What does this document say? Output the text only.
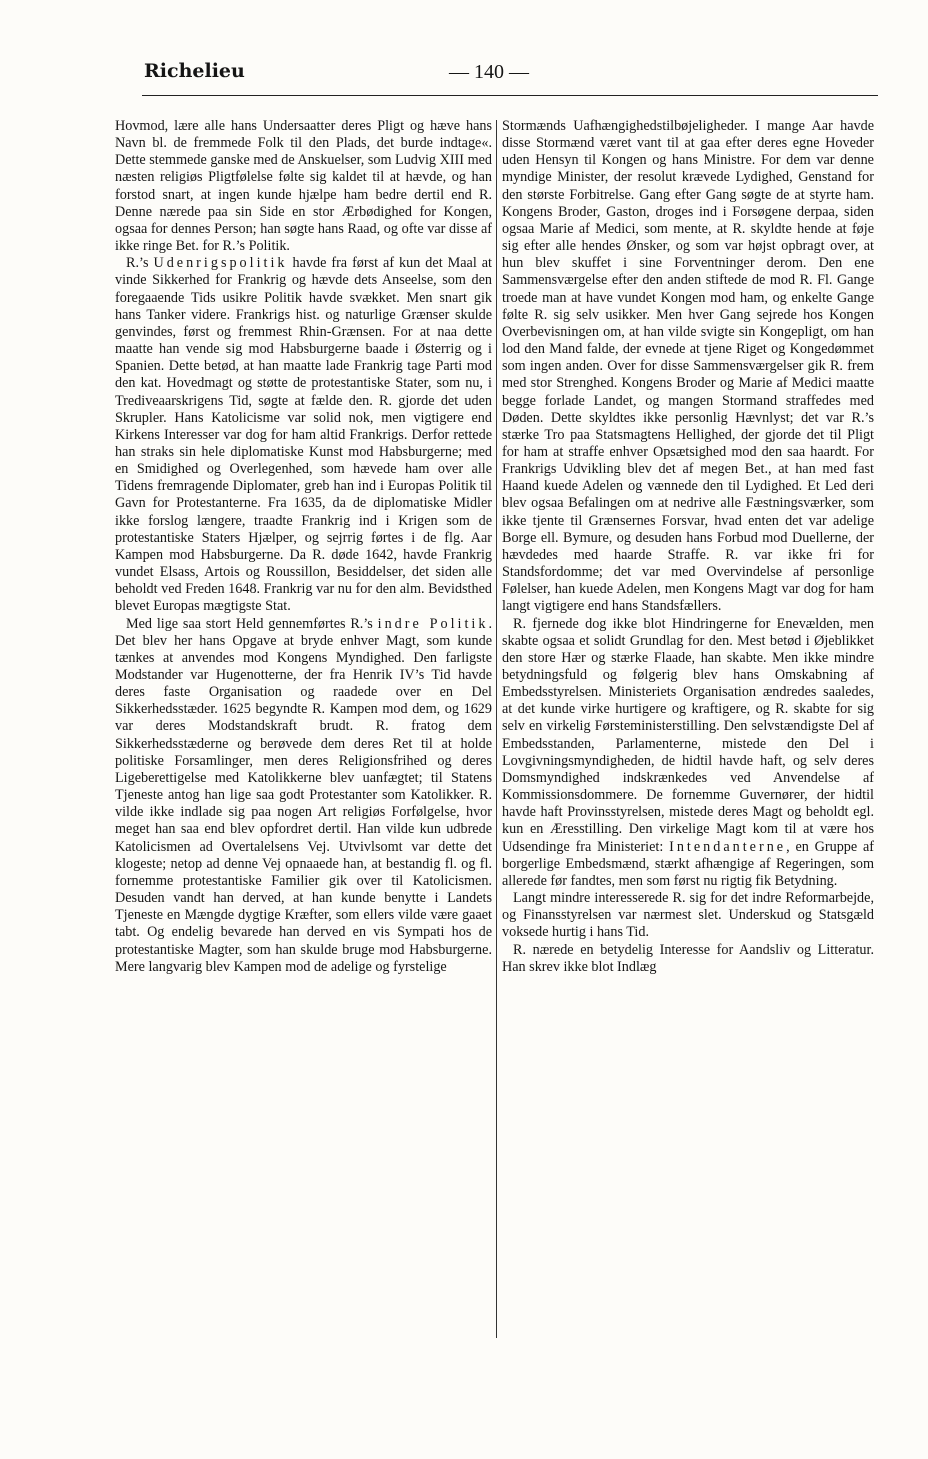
Richelieu	— 140 —

Hovmod, lære alle hans Undersaatter deres Pligt og hæve hans Navn bl. de fremmede Folk til den Plads, det burde indtage«. Dette stemmede ganske med de Anskuelser, som Ludvig XIII med næsten religiøs Pligtfølelse følte sig kaldet til at hævde, og han forstod snart, at ingen kunde hjælpe ham bedre dertil end R. Denne nærede paa sin Side en stor Ærbødighed for Kongen, ogsaa for dennes Person; han søgte hans Raad, og ofte var disse af ikke ringe Bet. for R.’s Politik.

R.’s Udenrigspolitik havde fra først af kun det Maal at vinde Sikkerhed for Frankrig og hævde dets Anseelse, som den foregaaende Tids usikre Politik havde svækket. Men snart gik hans Tanker videre. Frankrigs hist. og naturlige Grænser skulde genvindes, først og fremmest Rhin-Grænsen. For at naa dette maatte han vende sig mod Habsburgerne baade i Østerrig og i Spanien. Dette betød, at han maatte lade Frankrig tage Parti mod den kat. Hovedmagt og støtte de protestantiske Stater, som nu, i Trediveaarskrigens Tid, søgte at fælde den. R. gjorde det uden Skrupler. Hans Katolicisme var solid nok, men vigtigere end Kirkens Interesser var dog for ham altid Frankrigs. Derfor rettede han straks sin hele diplomatiske Kunst mod Habsburgerne; med en Smidighed og Overlegenhed, som hævede ham over alle Tidens fremragende Diplomater, greb han ind i Europas Politik til Gavn for Protestanterne. Fra 1635, da de diplomatiske Midler ikke forslog længere, traadte Frankrig ind i Krigen som de protestantiske Staters Hjælper, og sejrrig førtes i de flg. Aar Kampen mod Habsburgerne. Da R. døde 1642, havde Frankrig vundet Elsass, Artois og Roussillon, Besiddelser, det siden alle beholdt ved Freden 1648. Frankrig var nu for den alm. Bevidsthed blevet Europas mægtigste Stat.

Med lige saa stort Held gennemførtes R.’s indre Politik. Det blev her hans Opgave at bryde enhver Magt, som kunde tænkes at anvendes mod Kongens Myndighed. Den farligste Modstander var Hugenotterne, der fra Henrik IV’s Tid havde deres faste Organisation og raadede over en Del Sikkerhedsstæder. 1625 begyndte R. Kampen mod dem, og 1629 var deres Modstandskraft brudt. R. fratog dem Sikkerhedsstæderne og berøvede dem deres Ret til at holde politiske Forsamlinger, men deres Religionsfrihed og deres Ligeberettigelse med Katolikkerne blev uanfægtet; til Statens Tjeneste antog han lige saa godt Protestanter som Katolikker. R. vilde ikke indlade sig paa nogen Art religiøs Forfølgelse, hvor meget han saa end blev opfordret dertil. Han vilde kun udbrede Katolicismen ad Overtalelsens Vej. Utvivlsomt var dette det klogeste; netop ad denne Vej opnaaede han, at bestandig fl. og fl. fornemme protestantiske Familier gik over til Katolicismen. Desuden vandt han derved, at han kunde benytte i Landets Tjeneste en Mængde dygtige Kræfter, som ellers vilde være gaaet tabt. Og endelig bevarede han derved en vis Sympati hos de protestantiske Magter, som han skulde bruge mod Habsburgerne. Mere langvarig blev Kampen mod de adelige og fyrstelige

Stormænds Uafhængighedstilbøjeligheder. I mange Aar havde disse Stormænd været vant til at gaa efter deres egne Hoveder uden Hensyn til Kongen og hans Ministre. For dem var denne myndige Minister, der resolut krævede Lydighed, Genstand for den største Forbitrelse. Gang efter Gang søgte de at styrte ham. Kongens Broder, Gaston, droges ind i Forsøgene derpaa, siden ogsaa Marie af Medici, som mente, at R. skyldte hende at føje sig efter alle hendes Ønsker, og som var højst opbragt over, at hun blev skuffet i sine Forventninger derom. Den ene Sammensværgelse efter den anden stiftede de mod R. Fl. Gange troede man at have vundet Kongen mod ham, og enkelte Gange følte R. sig selv usikker. Men hver Gang sejrede hos Kongen Overbevisningen om, at han vilde svigte sin Kongepligt, om han lod den Mand falde, der evnede at tjene Riget og Kongedømmet som ingen anden. Over for disse Sammensværgelser gik R. frem med stor Strenghed. Kongens Broder og Marie af Medici maatte begge forlade Landet, og mangen Stormand straffedes med Døden. Dette skyldtes ikke personlig Hævnlyst; det var R.’s stærke Tro paa Statsmagtens Hellighed, der gjorde det til Pligt for ham at straffe enhver Opsætsighed mod den saa haardt. For Frankrigs Udvikling blev det af megen Bet., at han med fast Haand kuede Adelen og vænnede den til Lydighed. Et Led deri blev ogsaa Befalingen om at nedrive alle Fæstningsværker, som ikke tjente til Grænsernes Forsvar, hvad enten det var adelige Borge ell. Bymure, og desuden hans Forbud mod Duellerne, der hævdedes med haarde Straffe. R. var ikke fri for Standsfordomme; det var med Overvindelse af personlige Følelser, han kuede Adelen, men Kongens Magt var dog for ham langt vigtigere end hans Standsfællers.

R. fjernede dog ikke blot Hindringerne for Enevælden, men skabte ogsaa et solidt Grundlag for den. Mest betød i Øjeblikket den store Hær og stærke Flaade, han skabte. Men ikke mindre betydningsfuld og følgerig blev hans Omskabning af Embedsstyrelsen. Ministeriets Organisation ændredes saaledes, at det kunde virke hurtigere og kraftigere, og R. skabte for sig selv en virkelig Førsteministerstilling. Den selvstændigste Del af Embedsstanden, Parlamenterne, mistede den Del i Lovgivningsmyndigheden, de hidtil havde haft, og selv deres Domsmyndighed indskrænkedes ved Anvendelse af Kommissionsdommere. De fornemme Guvernører, der hidtil havde haft Provinsstyrelsen, mistede deres Magt og beholdt egl. kun en Æresstilling. Den virkelige Magt kom til at være hos Udsendinge fra Ministeriet: Intendanterne, en Gruppe af borgerlige Embedsmænd, stærkt afhængige af Regeringen, som allerede før fandtes, men som først nu rigtig fik Betydning.

Langt mindre interesserede R. sig for det indre Reformarbejde, og Finansstyrelsen var nærmest slet. Underskud og Statsgæld voksede hurtig i hans Tid.

R. nærede en betydelig Interesse for Aandsliv og Litteratur. Han skrev ikke blot Indlæg
